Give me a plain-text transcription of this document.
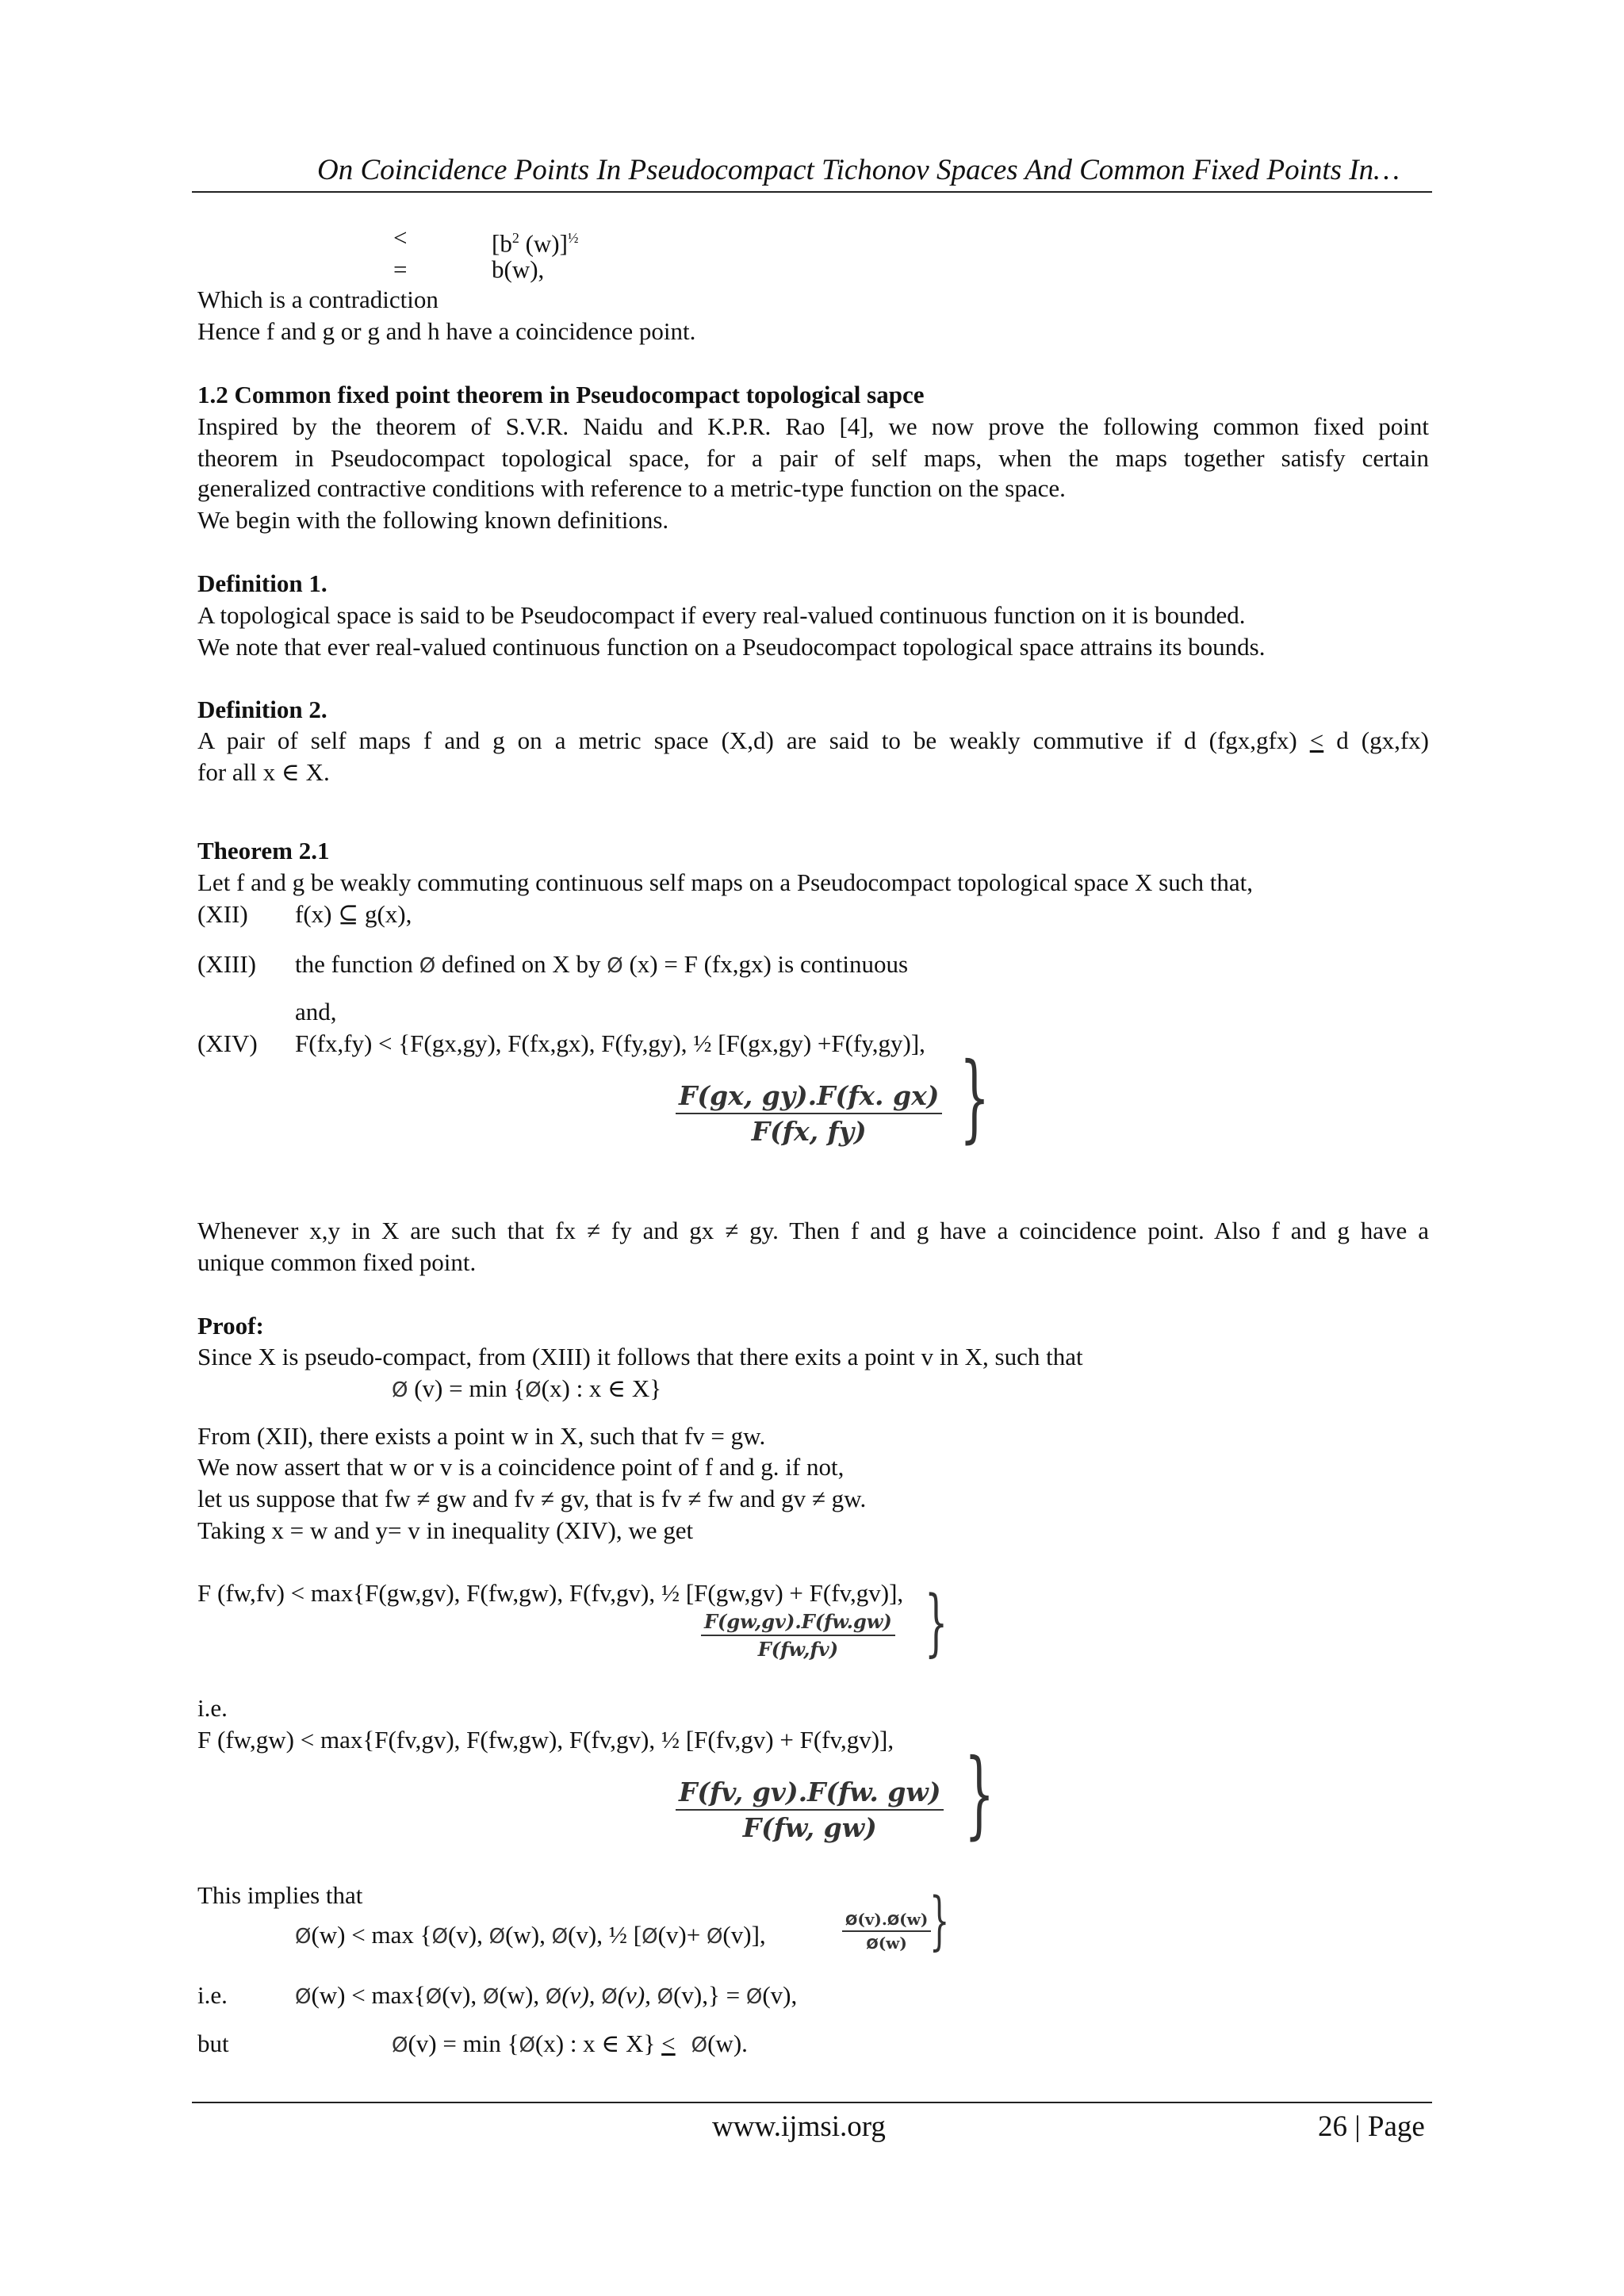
On Coincidence Points In Pseudocompact Tichonov Spaces And Common Fixed Points In…
<	[$b^2$ (w)]$^{\frac{1}{2}}$
=	b(w),
Which is a contradiction
Hence f and g or g and h have a coincidence point.
1.2 Common fixed point theorem in Pseudocompact topological sapce
Inspired by the theorem of S.V.R. Naidu and K.P.R. Rao [4], we now prove the following common fixed point
theorem in Pseudocompact topological space, for a pair of self maps, when the maps together satisfy certain
generalized contractive conditions with reference to a metric-type function on the space.
We begin with the following known definitions.
Definition 1.
A topological space is said to be Pseudocompact if every real-valued continuous function on it is bounded.
We note that ever real-valued continuous function on a Pseudocompact topological space attrains its bounds.
Definition 2.
A pair of self maps f and g on a metric space (X,d) are said to be weakly commutive if d (fgx,gfx) ≤ d (gx,fx)
for all x ∈ X.
Theorem 2.1
Let f and g be weakly commuting continuous self maps on a Pseudocompact topological space X such that,
(XII) f(x) ⊆ g(x),
(XIII) the function Ø defined on X by Ø (x) = F (fx,gx) is continuous
and,
(XIV) F(fx,fy) < {F(gx,gy), F(fx,gx), F(fy,gy), ½ [F(gx,gy) +F(fy,gy)],
$\frac{F(gx, gy).F(fx. gx)}{F(fx, fy)}$ }
Whenever x,y in X are such that fx ≠ fy and gx ≠ gy. Then f and g have a coincidence point. Also f and g have a
unique common fixed point.
Proof:
Since X is pseudo-compact, from (XIII) it follows that there exits a point v in X, such that
Ø (v) = min {Ø(x) : x ∈ X}
From (XII), there exists a point w in X, such that fv = gw.
We now assert that w or v is a coincidence point of f and g. if not,
let us suppose that fw ≠ gw and fv ≠ gv, that is fv ≠ fw and gv ≠ gw.
Taking x = w and y= v in inequality (XIV), we get
F (fw,fv) < max{F(gw,gv), F(fw,gw), F(fv,gv), ½ [F(gw,gv) + F(fv,gv)],
$\frac{F(gw,gv).F(fw.gw)}{F(fw,fv)}$ }
i.e.
F (fw,gw) < max{F(fv,gv), F(fw,gw), F(fv,gv), ½ [F(fv,gv) + F(fv,gv)],
$\frac{F(fv, gv).F(fw. gw)}{F(fw, gw)}$ }
This implies that
Ø(w) < max {Ø(v), Ø(w), Ø(v), ½ [Ø(v)+ Ø(v)],	$\frac{Ø(v).Ø(w)}{Ø(w)}$
}
i.e.	Ø(w) < max{Ø(v), Ø(w), Ø(v), Ø(v), Ø(v),} = Ø(v),
but	Ø(v) = min {Ø(x) : x ∈ X} < Ø(w).
www.ijmsi.org	26 | Page
